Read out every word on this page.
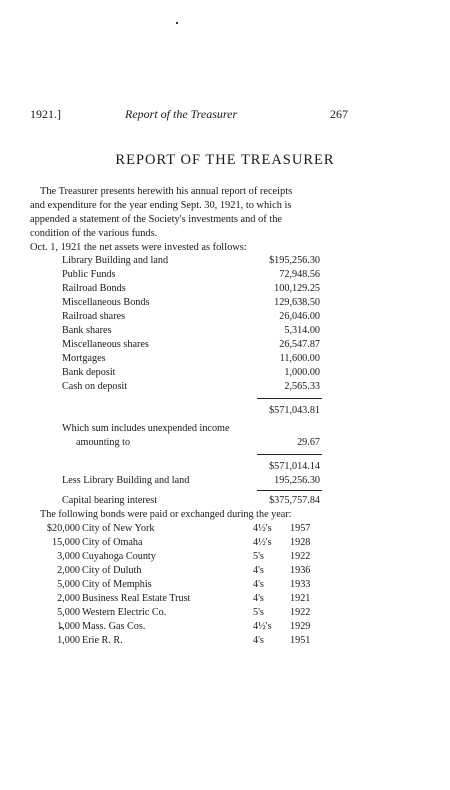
1921.]	Report of the Treasurer	267
REPORT OF THE TREASURER
The Treasurer presents herewith his annual report of receipts
and expenditure for the year ending Sept. 30, 1921, to which is
appended a statement of the Society's investments and of the
condition of the various funds.
Oct. 1, 1921 the net assets were invested as follows:
Library Building and land	$195,256.30
Public Funds	72,948.56
Railroad Bonds	100,129.25
Miscellaneous Bonds	129,638.50
Railroad shares	26,046.00
Bank shares	5,314.00
Miscellaneous shares	26,547.87
Mortgages	11,600.00
Bank deposit	1,000.00
Cash on deposit	2,565.33
$571,043.81
Which sum includes unexpended income
amounting to	29.67
$571,014.14
Less Library Building and land	195,256.30
Capital bearing interest	$375,757.84
The following bonds were paid or exchanged during the year:
$20,000 City of New York	4½'s 1957
15,000 City of Omaha	4½'s 1928
3,000 Cuyahoga County	5's	1922
2,000 City of Duluth	4's	1936
5,000 City of Memphis	4's	1933
2,000 Business Real Estate Trust	4's	1921
5,000 Western Electric Co.	5's	1922
1,000 Mass. Gas Cos.	4½'s 1929
1,000 Erie R. R.	4's	1951
